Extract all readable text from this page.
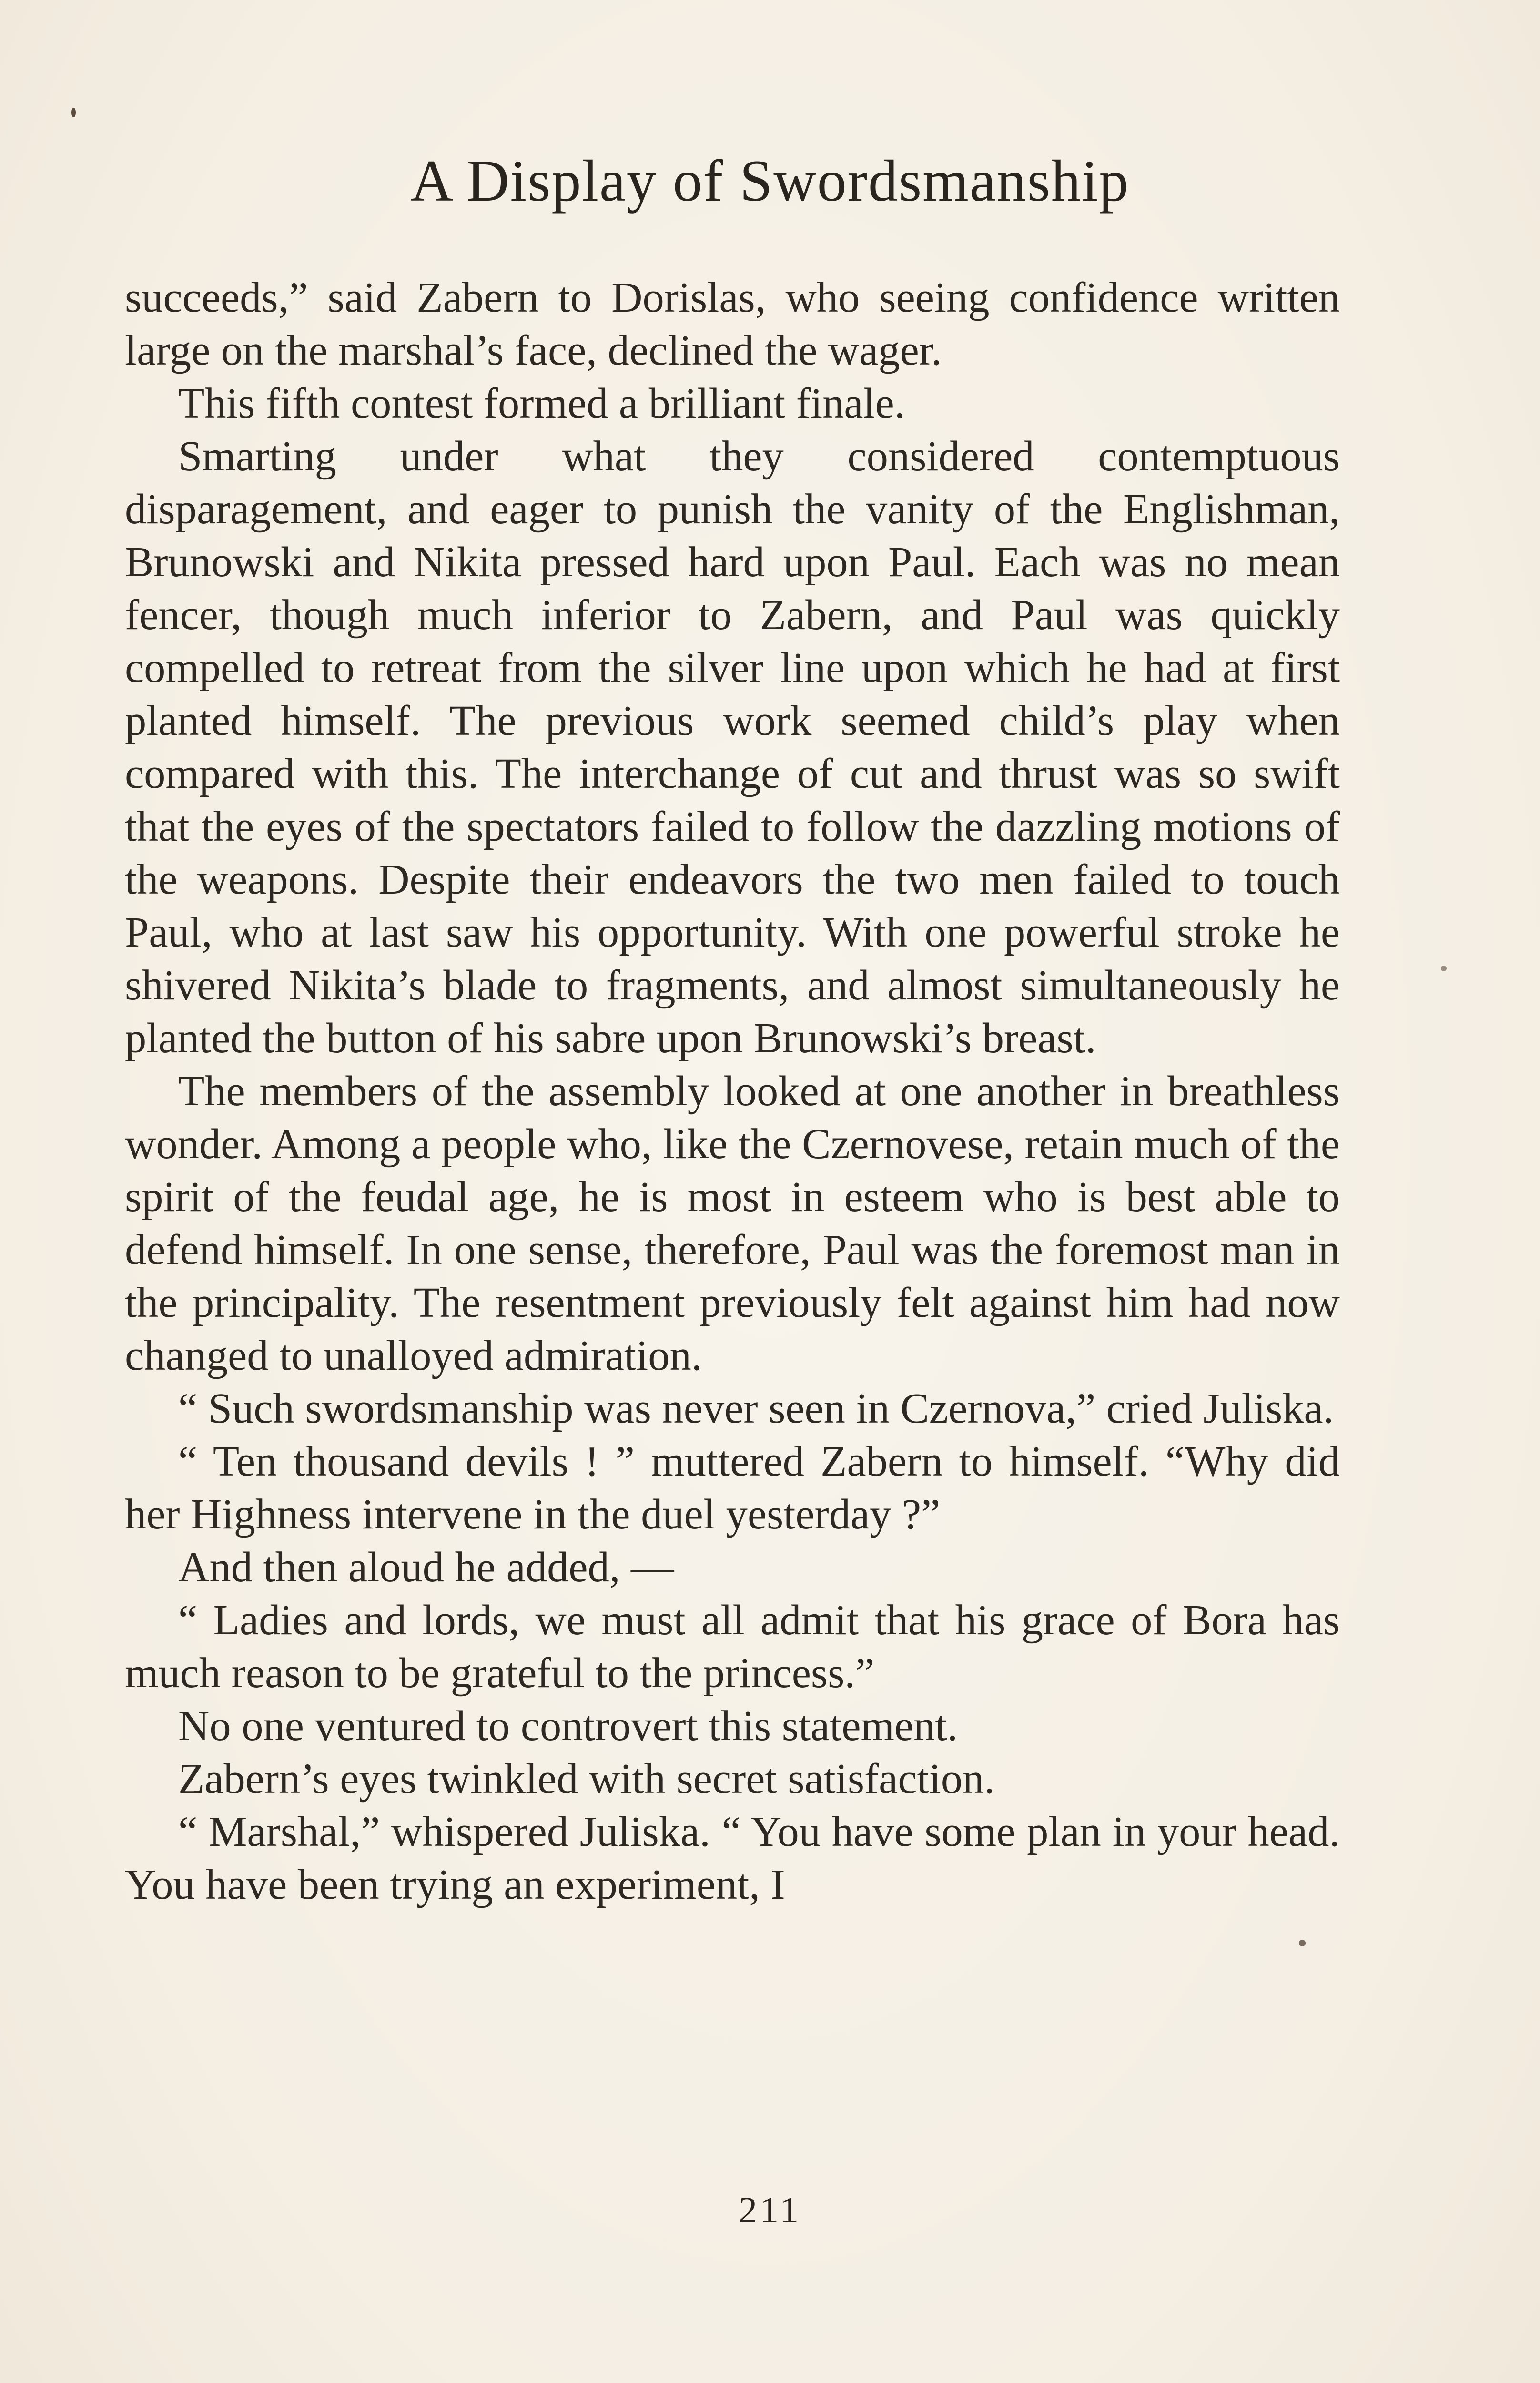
A Display of Swordsmanship

succeeds,” said Zabern to Dorislas, who seeing confidence written large on the marshal’s face, declined the wager.

This fifth contest formed a brilliant finale.

Smarting under what they considered contemptuous disparagement, and eager to punish the vanity of the Englishman, Brunowski and Nikita pressed hard upon Paul. Each was no mean fencer, though much inferior to Zabern, and Paul was quickly compelled to retreat from the silver line upon which he had at first planted himself. The previous work seemed child’s play when compared with this. The interchange of cut and thrust was so swift that the eyes of the spectators failed to follow the dazzling motions of the weapons. Despite their endeavors the two men failed to touch Paul, who at last saw his opportunity. With one powerful stroke he shivered Nikita’s blade to fragments, and almost simultaneously he planted the button of his sabre upon Brunowski’s breast.

The members of the assembly looked at one another in breathless wonder. Among a people who, like the Czernovese, retain much of the spirit of the feudal age, he is most in esteem who is best able to defend himself. In one sense, therefore, Paul was the foremost man in the principality. The resentment previously felt against him had now changed to unalloyed admiration.

“ Such swordsmanship was never seen in Czernova,” cried Juliska.

“ Ten thousand devils ! ” muttered Zabern to himself. “Why did her Highness intervene in the duel yesterday ?”

And then aloud he added, —

“ Ladies and lords, we must all admit that his grace of Bora has much reason to be grateful to the princess.”

No one ventured to controvert this statement.

Zabern’s eyes twinkled with secret satisfaction.

“ Marshal,” whispered Juliska. “ You have some plan in your head. You have been trying an experiment, I

211
